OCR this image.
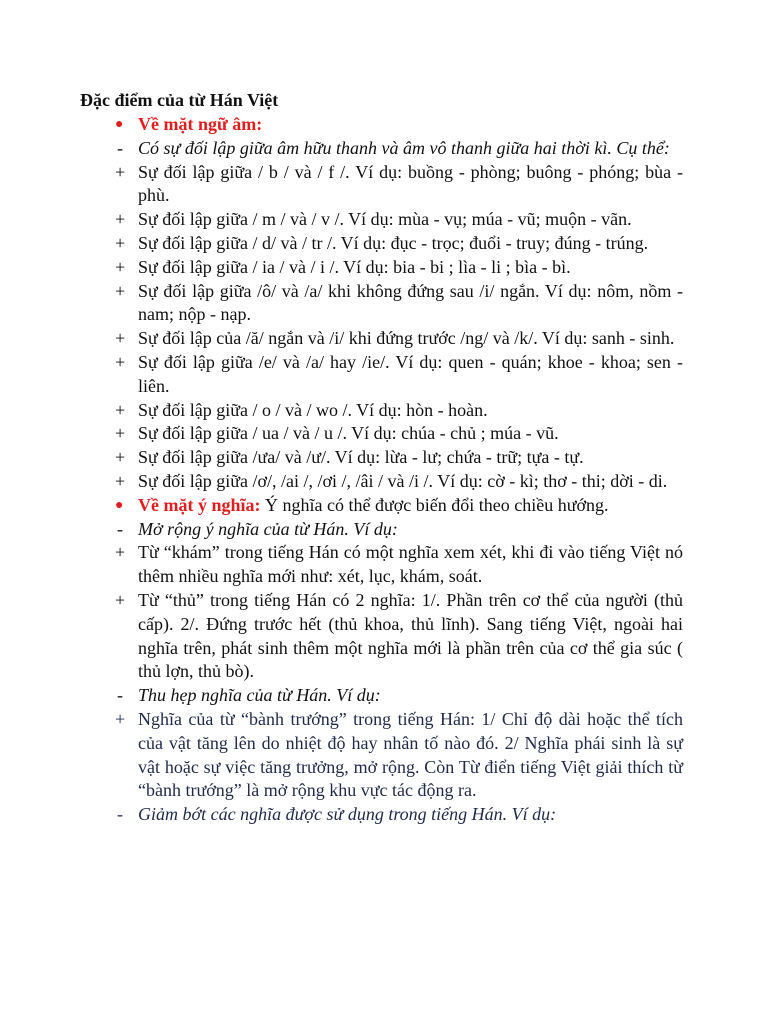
Đặc điểm của từ Hán Việt
● Về mặt ngữ âm:
- Có sự đối lập giữa âm hữu thanh và âm vô thanh giữa hai thời kì. Cụ thể:
+ Sự đối lập giữa / b / và / f /. Ví dụ: buồng - phòng; buông - phóng; bùa - phù.
+ Sự đối lập giữa / m / và / v /. Ví dụ: mùa - vụ; múa - vũ; muộn - vãn.
+ Sự đối lập giữa / d/ và / tr /. Ví dụ: đục - trọc; đuổi - truy; đúng - trúng.
+ Sự đối lập giữa / ia / và / i /. Ví dụ: bia - bi ; lìa - li ; bìa - bì.
+ Sự đối lập giữa /ô/ và /a/ khi không đứng sau /i/ ngắn. Ví dụ: nôm, nồm - nam; nộp - nạp.
+ Sự đối lập của /ă/ ngắn và /i/ khi đứng trước /ng/ và /k/. Ví dụ: sanh - sinh.
+ Sự đối lập giữa /e/ và /a/ hay /ie/. Ví dụ: quen - quán; khoe - khoa; sen - liên.
+ Sự đối lập giữa / o / và / wo /. Ví dụ: hòn - hoàn.
+ Sự đối lập giữa / ua / và / u /. Ví dụ: chúa - chủ ; múa - vũ.
+ Sự đối lập giữa /ưa/ và /ư/. Ví dụ: lừa - lư; chứa - trữ; tựa - tự.
+ Sự đối lập giữa /ơ/, /ai /, /ơi /, /âi / và /i /. Ví dụ: cờ - kì; thơ - thi; dời - di.
● Về mặt ý nghĩa: Ý nghĩa có thể được biến đổi theo chiều hướng.
- Mở rộng ý nghĩa của từ Hán. Ví dụ:
+ Từ “khám” trong tiếng Hán có một nghĩa xem xét, khi đi vào tiếng Việt nó thêm nhiều nghĩa mới như: xét, lục, khám, soát.
+ Từ “thủ” trong tiếng Hán có 2 nghĩa: 1/. Phần trên cơ thể của người (thủ cấp). 2/. Đứng trước hết (thủ khoa, thủ lĩnh). Sang tiếng Việt, ngoài hai nghĩa trên, phát sinh thêm một nghĩa mới là phần trên của cơ thể gia súc ( thủ lợn, thủ bò).
- Thu hẹp nghĩa của từ Hán. Ví dụ:
+ Nghĩa của từ “bành trướng” trong tiếng Hán: 1/ Chỉ độ dài hoặc thể tích của vật tăng lên do nhiệt độ hay nhân tố nào đó. 2/ Nghĩa phái sinh là sự vật hoặc sự việc tăng trưởng, mở rộng. Còn Từ điển tiếng Việt giải thích từ “bành trướng” là mở rộng khu vực tác động ra.
- Giảm bớt các nghĩa được sử dụng trong tiếng Hán. Ví dụ:
